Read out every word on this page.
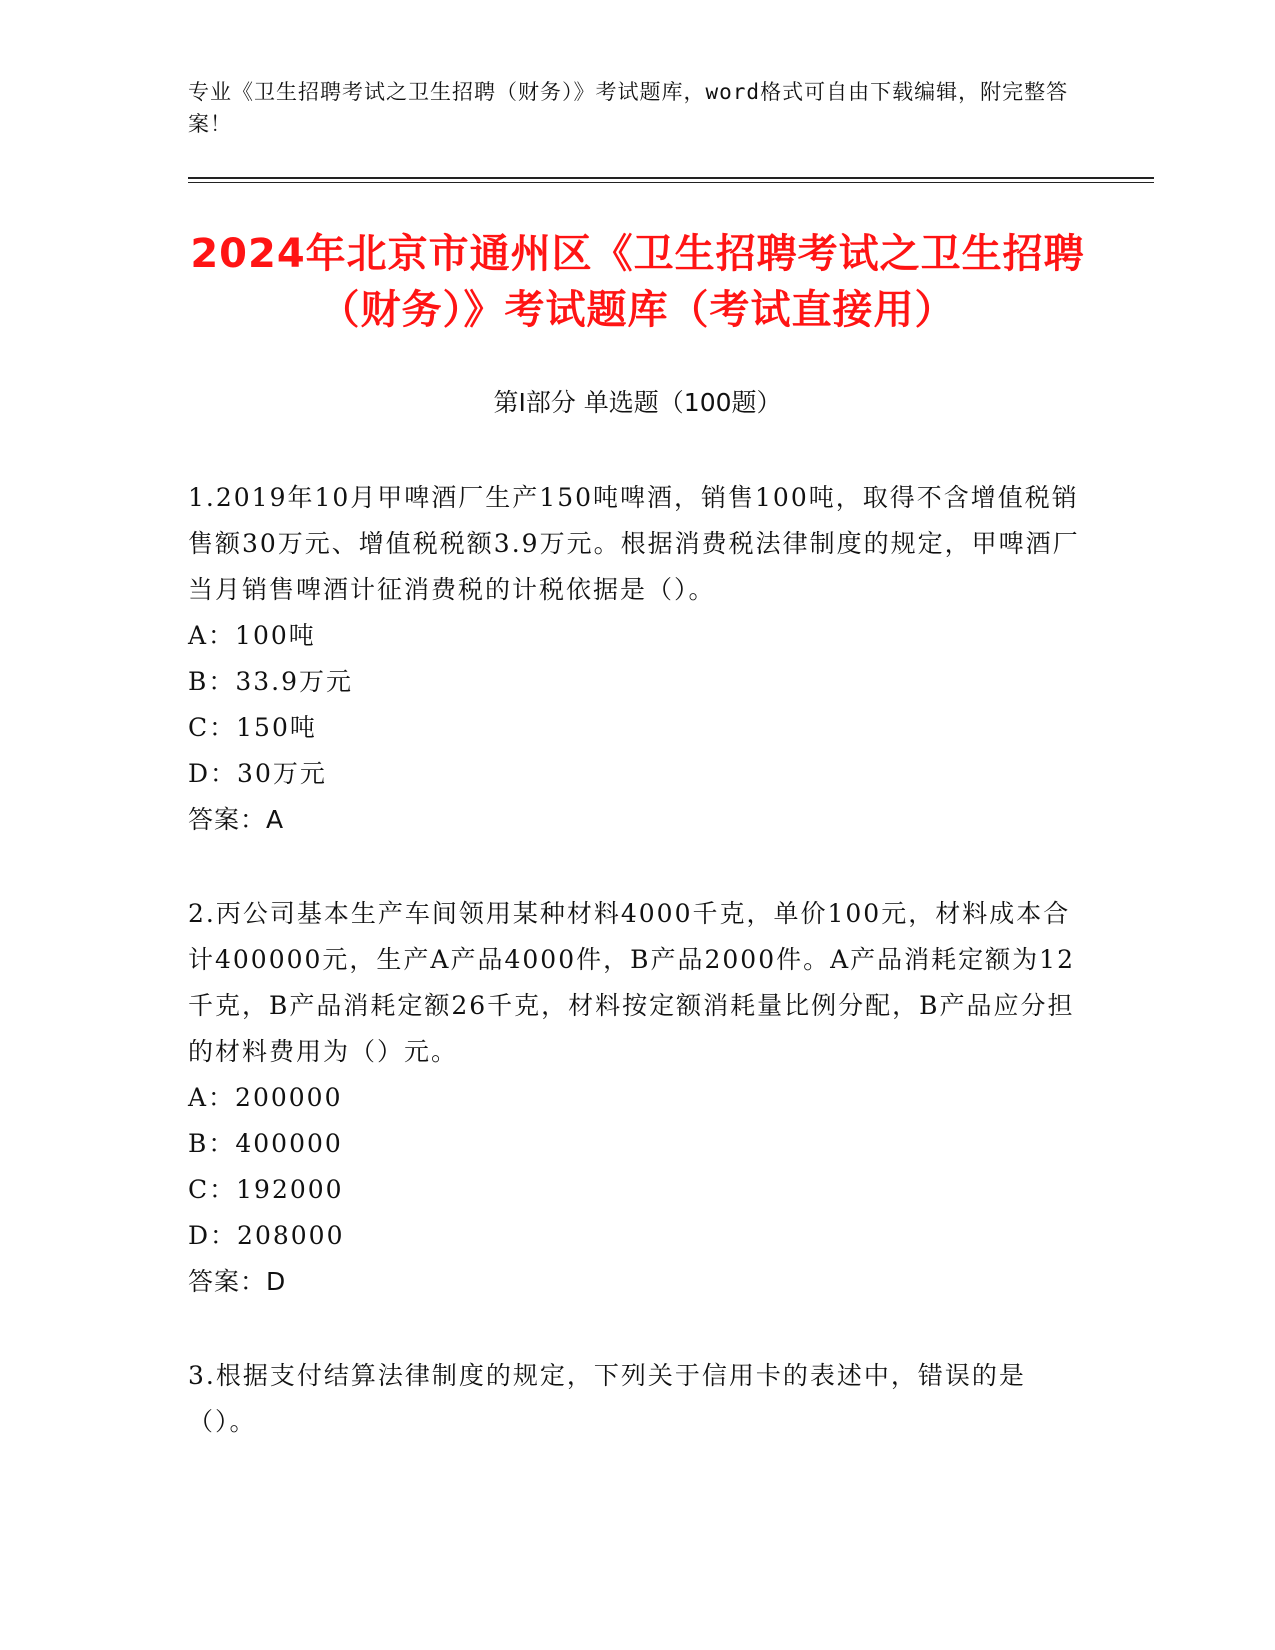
专业《卫生招聘考试之卫生招聘（财务）》考试题库，word格式可自由下载编辑，附完整答案！
2024年北京市通州区《卫生招聘考试之卫生招聘（财务）》考试题库（考试直接用）
第Ⅰ部分 单选题（100题）
1.2019年10月甲啤酒厂生产150吨啤酒，销售100吨，取得不含增值税销售额30万元、增值税税额3.9万元。根据消费税法律制度的规定，甲啤酒厂当月销售啤酒计征消费税的计税依据是（）。
A：100吨
B：33.9万元
C：150吨
D：30万元
答案：A
2.丙公司基本生产车间领用某种材料4000千克，单价100元，材料成本合计400000元，生产A产品4000件，B产品2000件。A产品消耗定额为12千克，B产品消耗定额26千克，材料按定额消耗量比例分配，B产品应分担的材料费用为（）元。
A：200000
B：400000
C：192000
D：208000
答案：D
3.根据支付结算法律制度的规定，下列关于信用卡的表述中，错误的是（）。
